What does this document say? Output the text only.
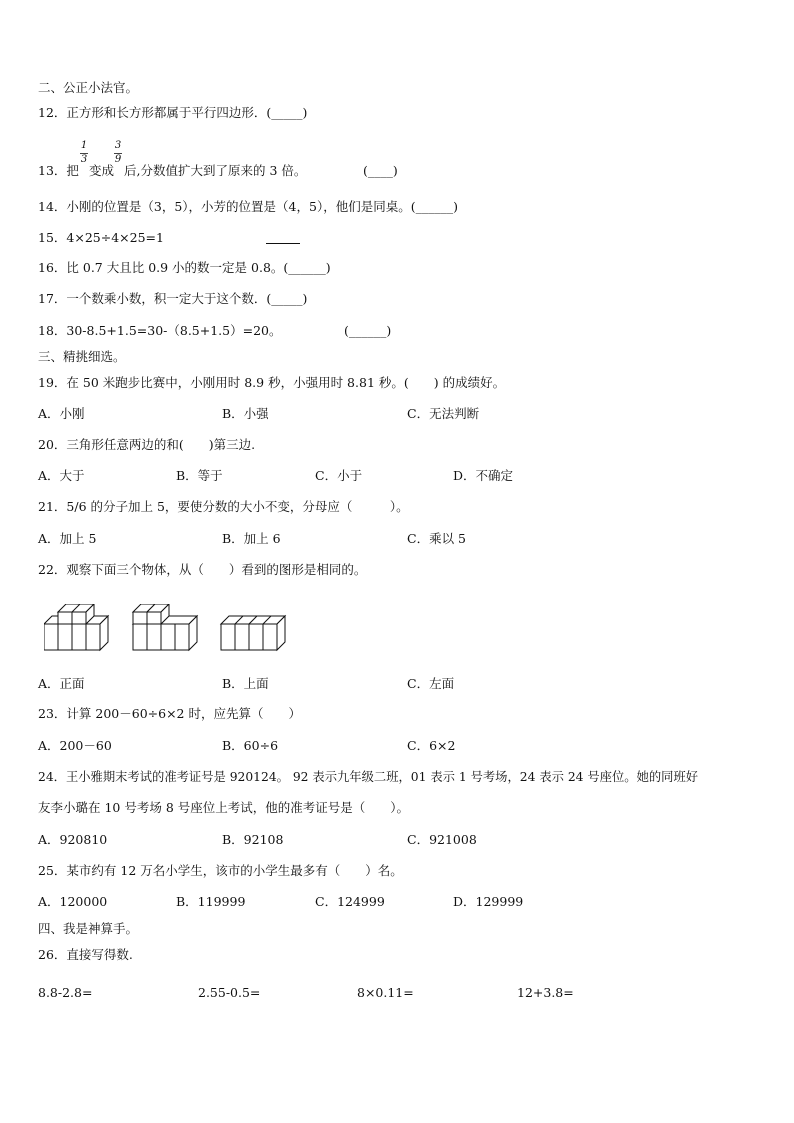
二、公正小法官。
12．正方形和长方形都属于平行四边形．(_____)
13．把
1
3
变成
3
9
后,分数值扩大到了原来的 3 倍。	(____)
14．小刚的位置是（3，5），小芳的位置是（4，5），他们是同桌。(______)
15．4×25÷4×25=1
16．比 0.7 大且比 0.9 小的数一定是 0.8。(______)
17．一个数乘小数，积一定大于这个数．(_____)
18．30-8.5+1.5=30-（8.5+1.5）=20。	(______)
三、精挑细选。
19．在 50 米跑步比赛中，小刚用时 8.9 秒，小强用时 8.81 秒。(　　) 的成绩好。
A．小刚	B．小强	C．无法判断
20．三角形任意两边的和(　　)第三边.
A．大于	B．等于	C．小于	D．不确定
21．5/6 的分子加上 5，要使分数的大小不变，分母应（　　　）。
A．加上 5	B．加上 6	C．乘以 5
22．观察下面三个物体，从（　　）看到的图形是相同的。
A．正面	B．上面	C．左面
23．计算 200－60÷6×2 时，应先算（　　）
A．200－60	B．60÷6	C．6×2
24．王小雅期末考试的准考证号是 920124。 92 表示九年级二班，01 表示 1 号考场，24 表示 24 号座位。她的同班好
友李小璐在 10 号考场 8 号座位上考试，他的准考证号是（　　）。
A．920810	B．92108	C．921008
25．某市约有 12 万名小学生，该市的小学生最多有（　　）名。
A．120000	B．119999	C．124999	D．129999
四、我是神算手。
26．直接写得数.
8.8-2.8=	2.55-0.5=	8×0.11=	12+3.8=
